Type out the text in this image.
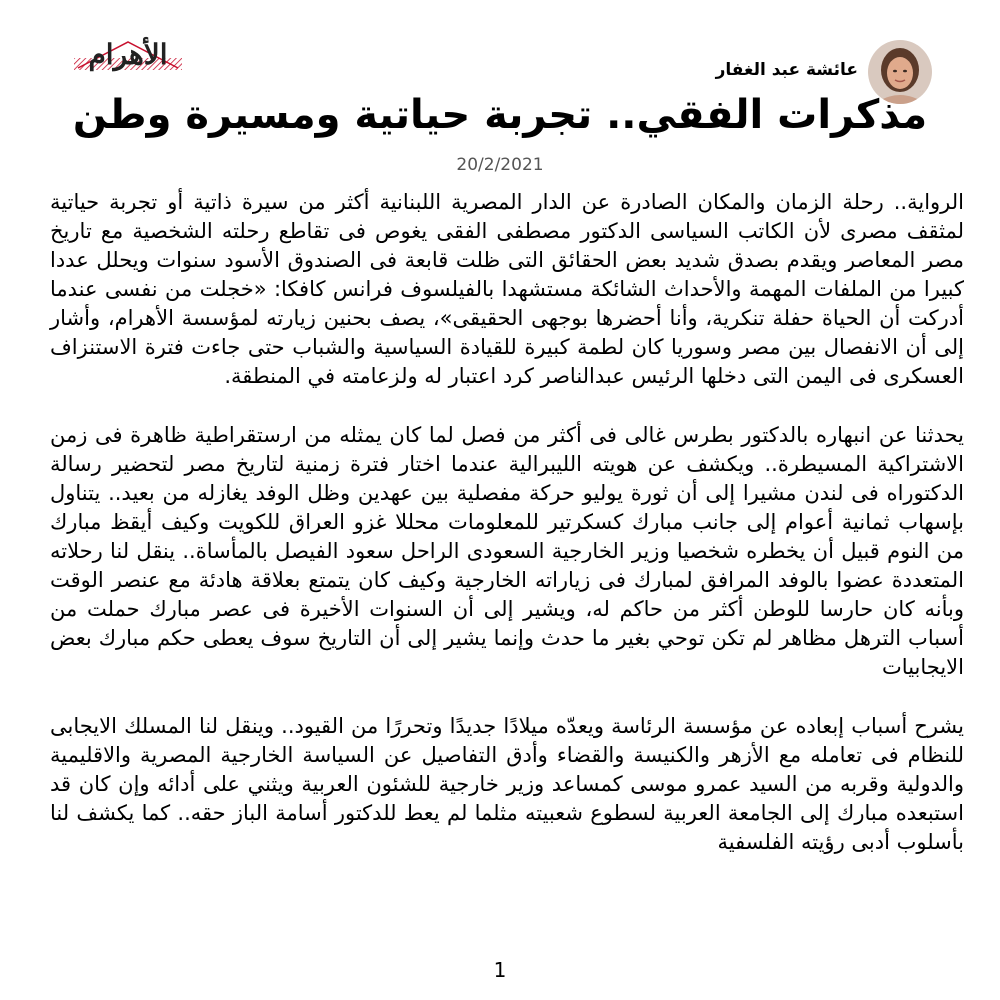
الأهرام	عائشة عبد الغفار
مذكرات الفقي.. تجربة حياتية ومسيرة وطن
20/2/2021

الرواية.. رحلة الزمان والمكان الصادرة عن الدار المصرية اللبنانية أكثر من سيرة ذاتية أو تجربة حياتية لمثقف مصرى لأن الكاتب السياسى الدكتور مصطفى الفقى يغوص فى تقاطع رحلته الشخصية مع تاريخ مصر المعاصر ويقدم بصدق شديد بعض الحقائق التى ظلت قابعة فى الصندوق الأسود سنوات ويحلل عددا كبيرا من الملفات المهمة والأحداث الشائكة مستشهدا بالفيلسوف فرانس كافكا: «خجلت من نفسى عندما أدركت أن الحياة حفلة تنكرية، وأنا أحضرها بوجهى الحقيقى»، يصف بحنين زيارته لمؤسسة الأهرام، وأشار إلى أن الانفصال بين مصر وسوريا كان لطمة كبيرة للقيادة السياسية والشباب حتى جاءت فترة الاستنزاف العسكرى فى اليمن التى دخلها الرئيس عبدالناصر كرد اعتبار له ولزعامته في المنطقة.

يحدثنا عن انبهاره بالدكتور بطرس غالى فى أكثر من فصل لما كان يمثله من ارستقراطية ظاهرة فى زمن الاشتراكية المسيطرة.. ويكشف عن هويته الليبرالية عندما اختار فترة زمنية لتاريخ مصر لتحضير رسالة الدكتوراه فى لندن مشيرا إلى أن ثورة يوليو حركة مفصلية بين عهدين وظل الوفد يغازله من بعيد.. يتناول بإسهاب ثمانية أعوام إلى جانب مبارك كسكرتير للمعلومات محللا غزو العراق للكويت وكيف أيقظ مبارك من النوم قبيل أن يخطره شخصيا وزير الخارجية السعودى الراحل سعود الفيصل بالمأساة.. ينقل لنا رحلاته المتعددة عضوا بالوفد المرافق لمبارك فى زياراته الخارجية وكيف كان يتمتع بعلاقة هادئة مع عنصر الوقت وبأنه كان حارسا للوطن أكثر من حاكم له، ويشير إلى أن السنوات الأخيرة فى عصر مبارك حملت من أسباب الترهل مظاهر لم تكن توحي بغير ما حدث وإنما يشير إلى أن التاريخ سوف يعطى حكم مبارك بعض الايجابيات

يشرح أسباب إبعاده عن مؤسسة الرئاسة ويعدّه ميلادًا جديدًا وتحررًا من القيود.. وينقل لنا المسلك الايجابى للنظام فى تعامله مع الأزهر والكنيسة والقضاء وأدق التفاصيل عن السياسة الخارجية المصرية والاقليمية والدولية وقربه من السيد عمرو موسى كمساعد وزير خارجية للشئون العربية ويثني على أدائه وإن كان قد استبعده مبارك إلى الجامعة العربية لسطوع شعبيته مثلما لم يعط للدكتور أسامة الباز حقه.. كما يكشف لنا بأسلوب أدبى رؤيته الفلسفية

1
